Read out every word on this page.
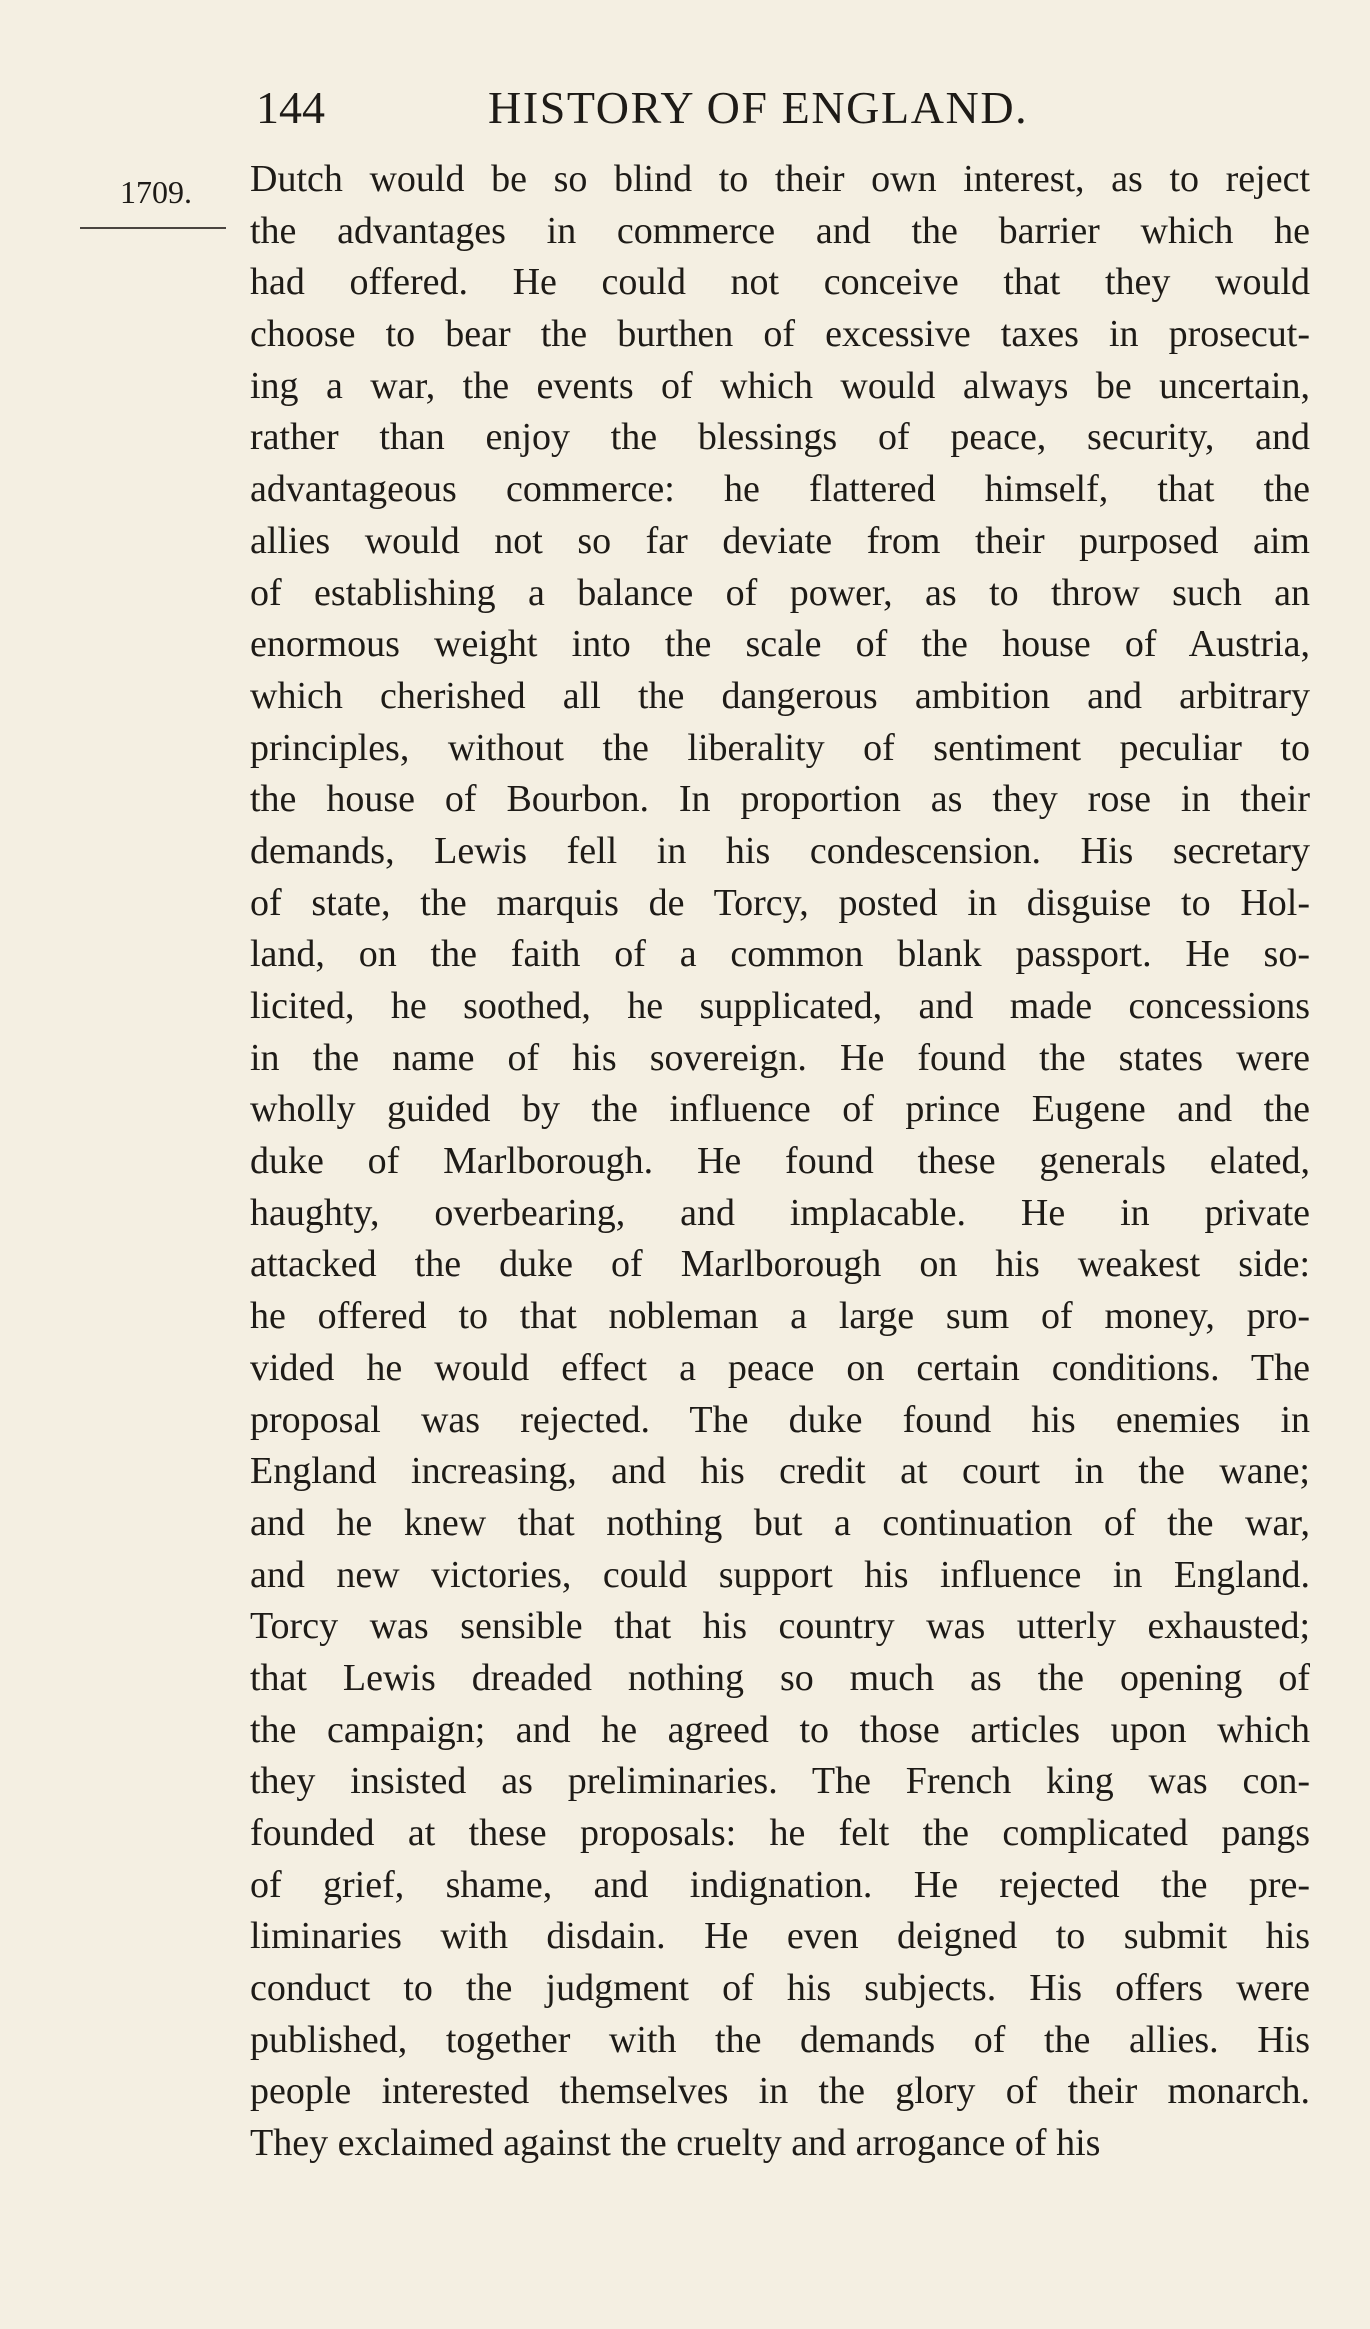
144	HISTORY OF ENGLAND.
1709. Dutch would be so blind to their own interest, as to reject
the advantages in commerce and the barrier which he
had offered. He could not conceive that they would
choose to bear the burthen of excessive taxes in prosecut-
ing a war, the events of which would always be uncertain,
rather than enjoy the blessings of peace, security, and
advantageous commerce: he flattered himself, that the
allies would not so far deviate from their purposed aim
of establishing a balance of power, as to throw such an
enormous weight into the scale of the house of Austria,
which cherished all the dangerous ambition and arbitrary
principles, without the liberality of sentiment peculiar to
the house of Bourbon. In proportion as they rose in their
demands, Lewis fell in his condescension. His secretary
of state, the marquis de Torcy, posted in disguise to Hol-
land, on the faith of a common blank passport. He so-
licited, he soothed, he supplicated, and made concessions
in the name of his sovereign. He found the states were
wholly guided by the influence of prince Eugene and the
duke of Marlborough. He found these generals elated,
haughty, overbearing, and implacable. He in private
attacked the duke of Marlborough on his weakest side:
he offered to that nobleman a large sum of money, pro-
vided he would effect a peace on certain conditions. The
proposal was rejected. The duke found his enemies in
England increasing, and his credit at court in the wane;
and he knew that nothing but a continuation of the war,
and new victories, could support his influence in England.
Torcy was sensible that his country was utterly exhausted;
that Lewis dreaded nothing so much as the opening of
the campaign; and he agreed to those articles upon which
they insisted as preliminaries. The French king was con-
founded at these proposals: he felt the complicated pangs
of grief, shame, and indignation. He rejected the pre-
liminaries with disdain. He even deigned to submit his
conduct to the judgment of his subjects. His offers were
published, together with the demands of the allies. His
people interested themselves in the glory of their monarch.
They exclaimed against the cruelty and arrogance of his
